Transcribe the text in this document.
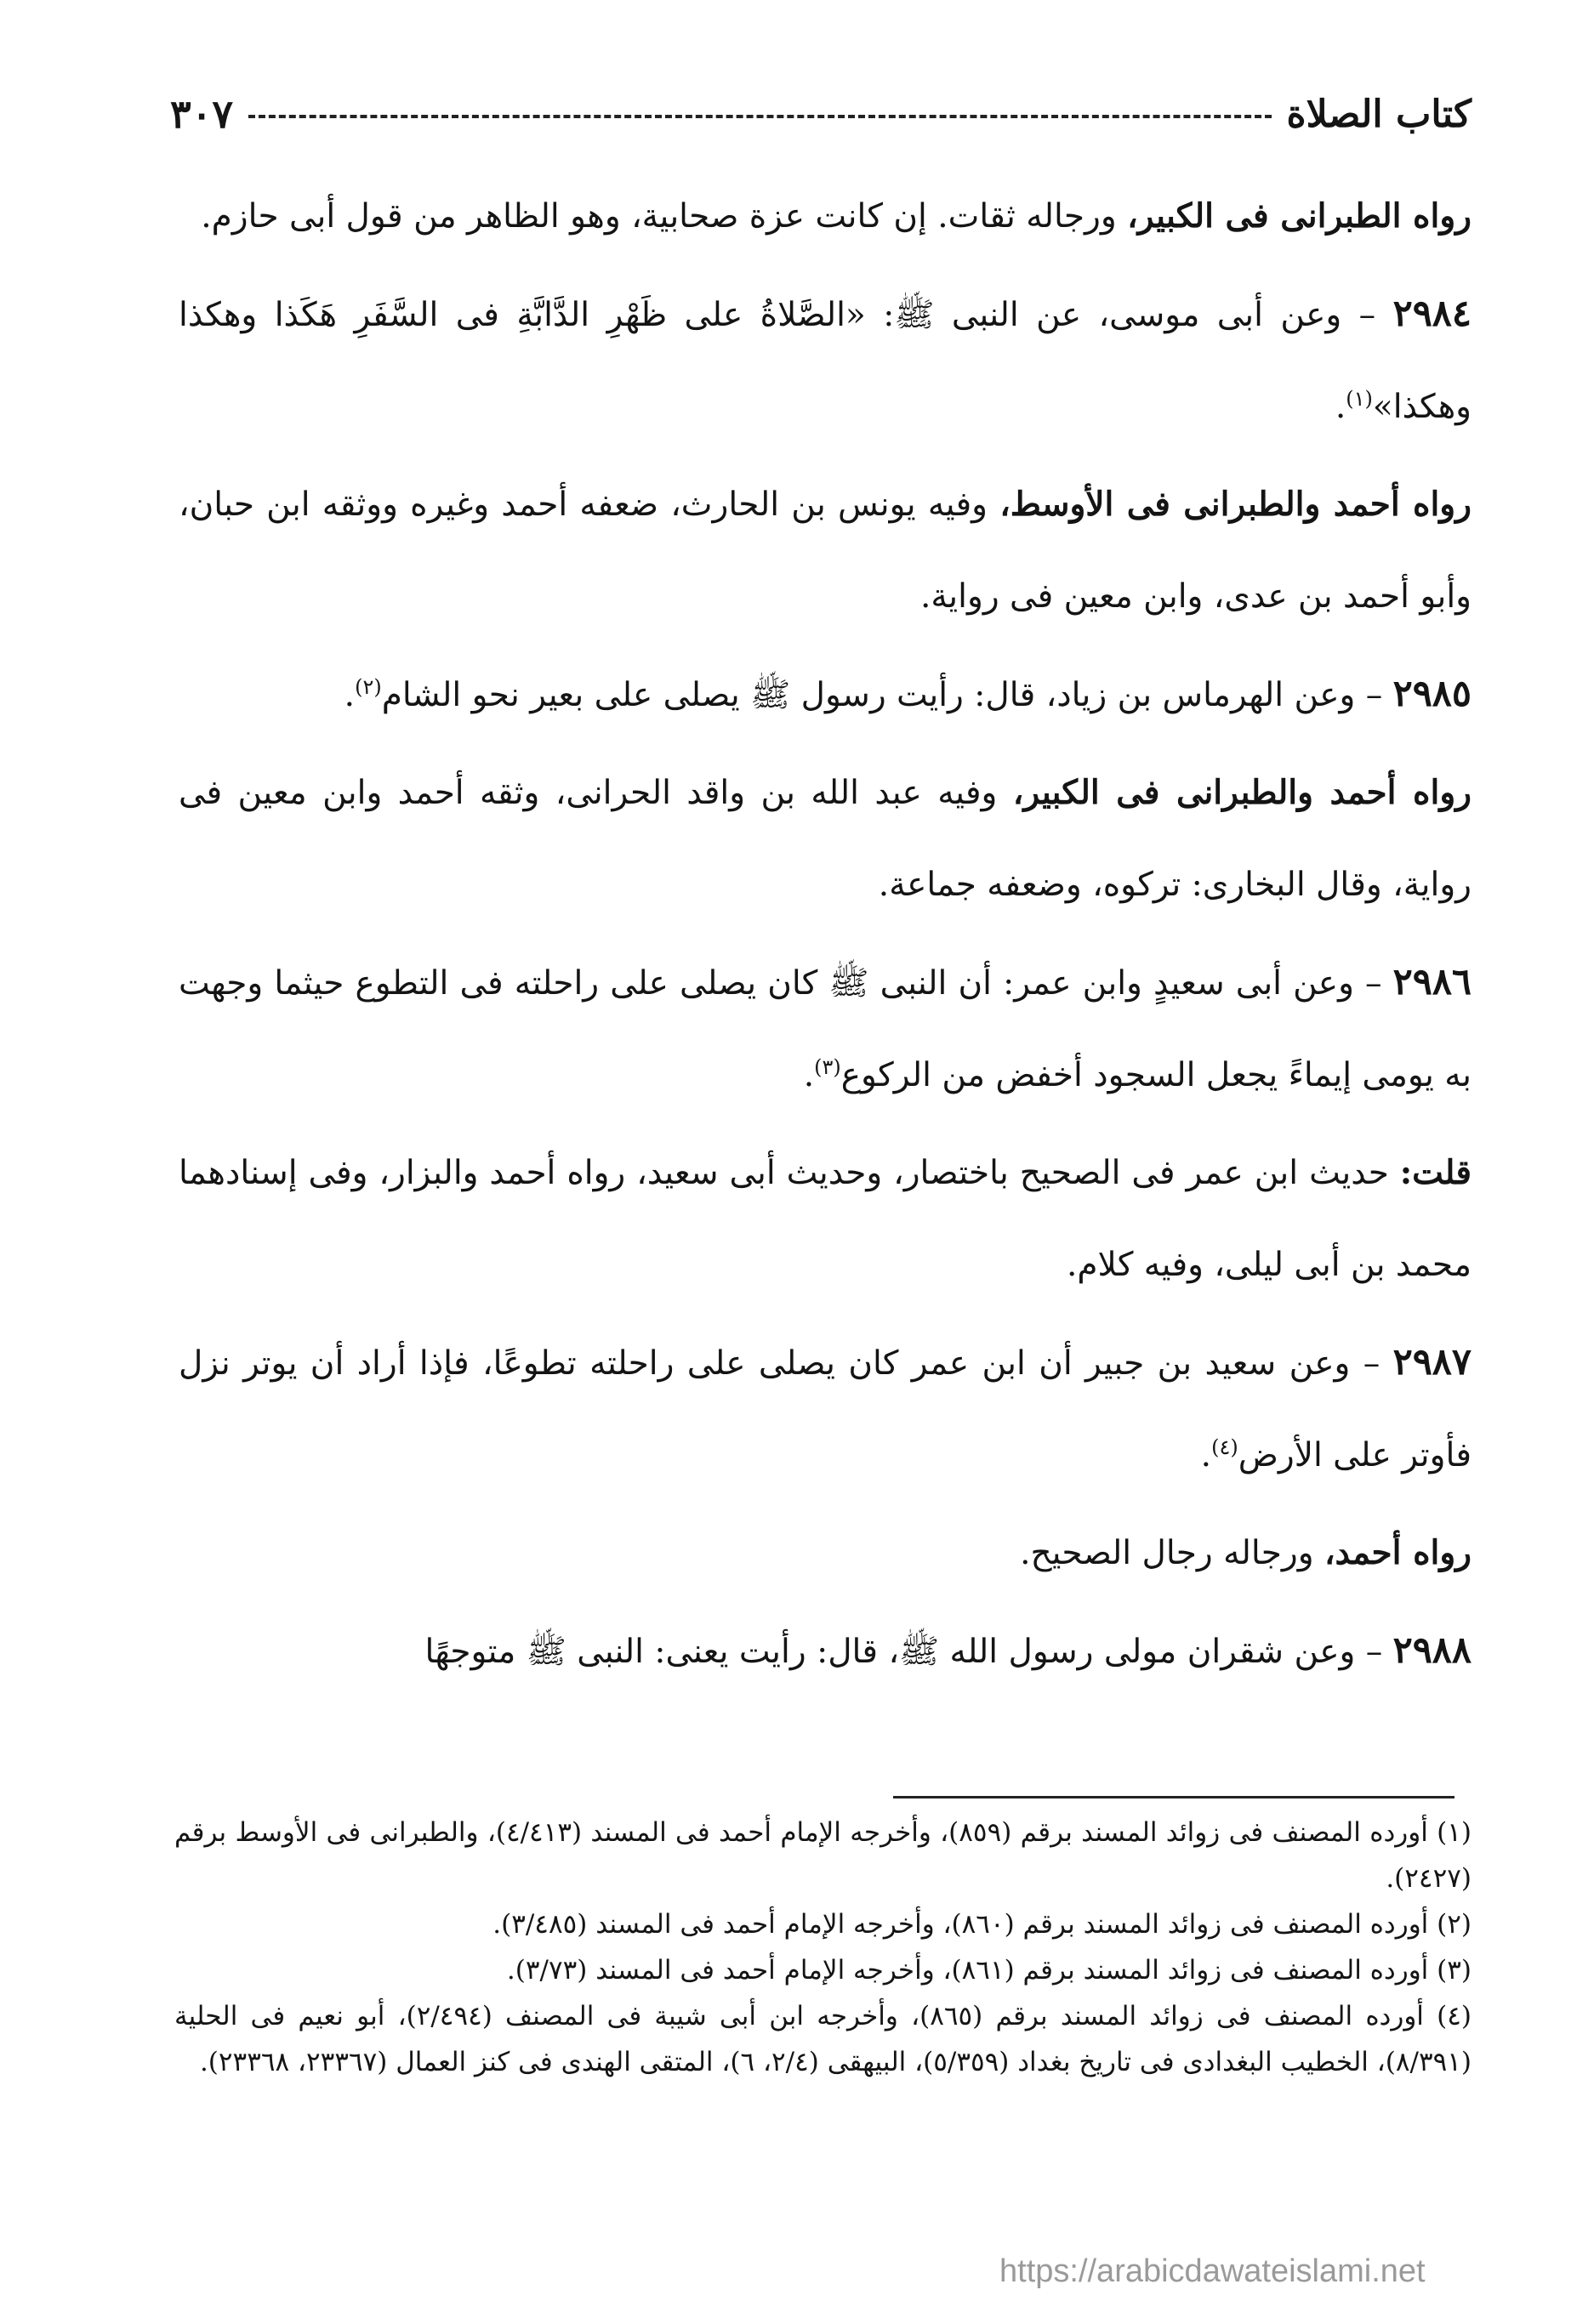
كتاب الصلاة
٣٠٧

رواه الطبرانى فى الكبير، ورجاله ثقات. إن كانت عزة صحابية، وهو الظاهر من قول أبى حازم.

٢٩٨٤ – وعن أبى موسى، عن النبى ﷺ: «الصَّلاةُ على ظَهْرِ الدَّابَّةِ فى السَّفَرِ هَكَذا وهكذا وهكذا»$^{(١)}$.

رواه أحمد والطبرانى فى الأوسط، وفيه يونس بن الحارث، ضعفه أحمد وغيره ووثقه ابن حبان، وأبو أحمد بن عدى، وابن معين فى رواية.

٢٩٨٥ – وعن الهرماس بن زياد، قال: رأيت رسول ﷺ يصلى على بعير نحو الشام$^{(٢)}$.

رواه أحمد والطبرانى فى الكبير، وفيه عبد الله بن واقد الحرانى، وثقه أحمد وابن معين فى رواية، وقال البخارى: تركوه، وضعفه جماعة.

٢٩٨٦ – وعن أبى سعيدٍ وابن عمر: أن النبى ﷺ كان يصلى على راحلته فى التطوع حيثما وجهت به يومى إيماءً يجعل السجود أخفض من الركوع$^{(٣)}$.

قلت: حديث ابن عمر فى الصحيح باختصار، وحديث أبى سعيد، رواه أحمد والبزار، وفى إسنادهما محمد بن أبى ليلى، وفيه كلام.

٢٩٨٧ – وعن سعيد بن جبير أن ابن عمر كان يصلى على راحلته تطوعًا، فإذا أراد أن يوتر نزل فأوتر على الأرض$^{(٤)}$.

رواه أحمد، ورجاله رجال الصحيح.

٢٩٨٨ – وعن شقران مولى رسول الله ﷺ، قال: رأيت يعنى: النبى ﷺ متوجهًا

(١) أورده المصنف فى زوائد المسند برقم (٨٥٩)، وأخرجه الإمام أحمد فى المسند (٤/٤١٣)، والطبرانى فى الأوسط برقم (٢٤٢٧).

(٢) أورده المصنف فى زوائد المسند برقم (٨٦٠)، وأخرجه الإمام أحمد فى المسند (٣/٤٨٥).

(٣) أورده المصنف فى زوائد المسند برقم (٨٦١)، وأخرجه الإمام أحمد فى المسند (٣/٧٣).

(٤) أورده المصنف فى زوائد المسند برقم (٨٦٥)، وأخرجه ابن أبى شيبة فى المصنف (٢/٤٩٤)، أبو نعيم فى الحلية (٨/٣٩١)، الخطيب البغدادى فى تاريخ بغداد (٥/٣٥٩)، البيهقى (٢/٤، ٦)، المتقى الهندى فى كنز العمال (٢٣٣٦٧، ٢٣٣٦٨).

https://arabicdawateislami.net
